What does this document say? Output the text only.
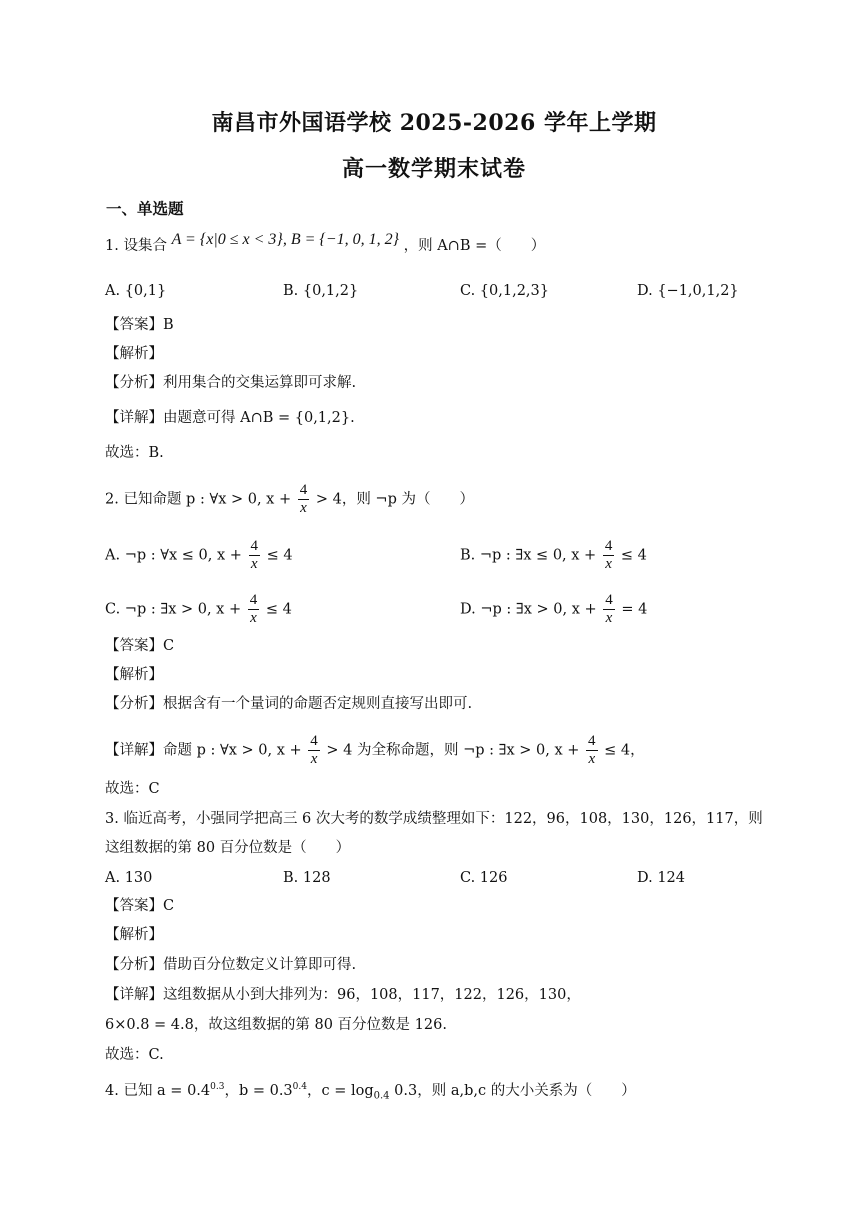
南昌市外国语学校 2025-2026 学年上学期
高一数学期末试卷
一、单选题
1. 设集合 A = {x|0 ≤ x < 3}, B = {−1, 0, 1, 2} ，则 A∩B =（　　）
A. {0,1}	B. {0,1,2}	C. {0,1,2,3}	D. {−1,0,1,2}
【答案】B
【解析】
【分析】利用集合的交集运算即可求解.
【详解】由题意可得 A∩B = {0,1,2}.
故选：B.
2. 已知命题 p : ∀x > 0, $x + \frac{4}{x} > 4$，则 ¬p 为（　　）
A. ¬p : ∀x ≤ 0, $x + \frac{4}{x} \le 4$	B. ¬p : ∃x ≤ 0, $x + \frac{4}{x} \le 4$
C. ¬p : ∃x > 0, $x + \frac{4}{x} \le 4$	D. ¬p : ∃x > 0, $x + \frac{4}{x} = 4$
【答案】C
【解析】
【分析】根据含有一个量词的命题否定规则直接写出即可.
【详解】命题 p : ∀x > 0, $x + \frac{4}{x} > 4$ 为全称命题，则 ¬p : ∃x > 0, $x + \frac{4}{x} \le 4$，
故选：C
3. 临近高考，小强同学把高三 6 次大考的数学成绩整理如下：122，96，108，130，126，117，则
这组数据的第 80 百分位数是（　　）
A. 130	B. 128	C. 126	D. 124
【答案】C
【解析】
【分析】借助百分位数定义计算即可得.
【详解】这组数据从小到大排列为：96，108，117，122，126，130，
6×0.8 = 4.8，故这组数据的第 80 百分位数是 126.
故选：C.
4. 已知 $a = 0.4^{0.3}$，$b = 0.3^{0.4}$，$c = \log_{0.4} 0.3$，则 a,b,c 的大小关系为（　　）
